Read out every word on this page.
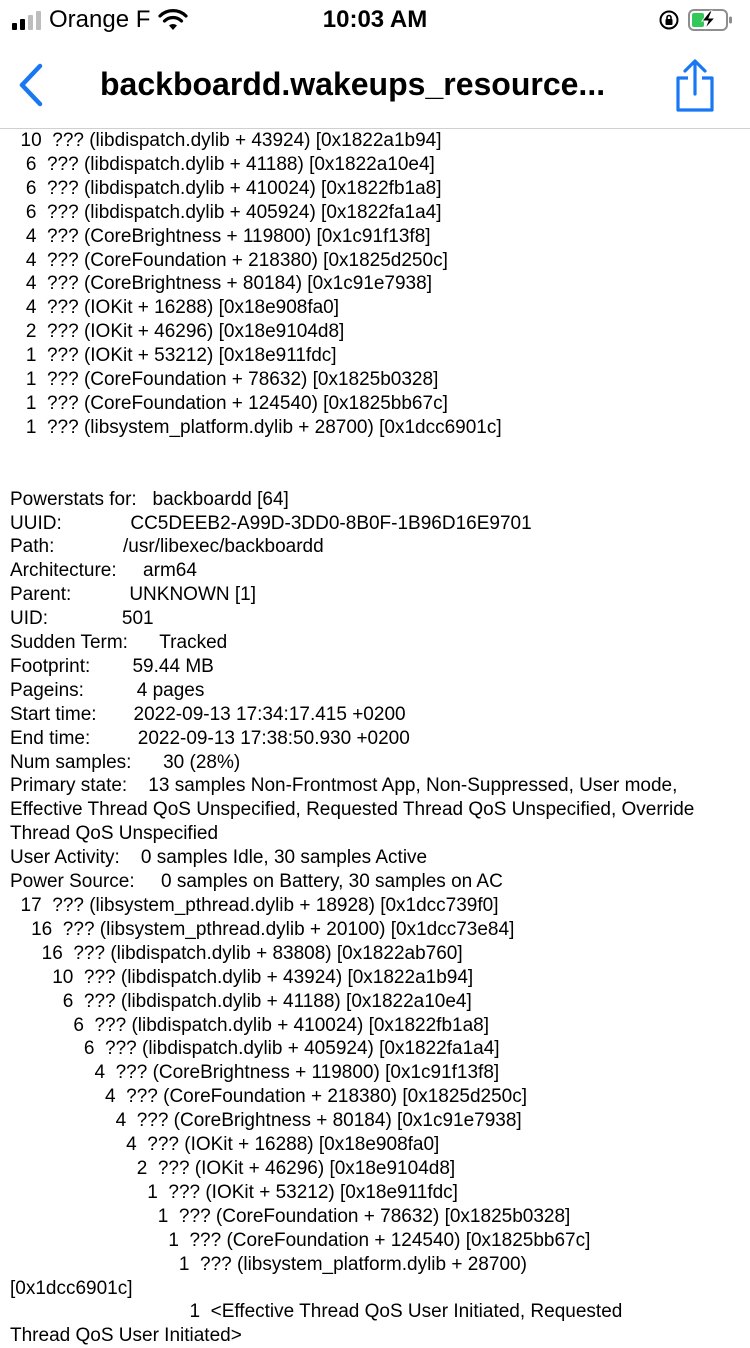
Orange F	10:03 AM
backboardd.wakeups_resource...
10  ??? (libdispatch.dylib + 43924) [0x1822a1b94]
6  ??? (libdispatch.dylib + 41188) [0x1822a10e4]
6  ??? (libdispatch.dylib + 410024) [0x1822fb1a8]
6  ??? (libdispatch.dylib + 405924) [0x1822fa1a4]
4  ??? (CoreBrightness + 119800) [0x1c91f13f8]
4  ??? (CoreFoundation + 218380) [0x1825d250c]
4  ??? (CoreBrightness + 80184) [0x1c91e7938]
4  ??? (IOKit + 16288) [0x18e908fa0]
2  ??? (IOKit + 46296) [0x18e9104d8]
1  ??? (IOKit + 53212) [0x18e911fdc]
1  ??? (CoreFoundation + 78632) [0x1825b0328]
1  ??? (CoreFoundation + 124540) [0x1825bb67c]
1  ??? (libsystem_platform.dylib + 28700) [0x1dcc6901c]
Powerstats for:   backboardd [64]
UUID:             CC5DEEB2-A99D-3DD0-8B0F-1B96D16E9701
Path:             /usr/libexec/backboardd
Architecture:     arm64
Parent:           UNKNOWN [1]
UID:              501
Sudden Term:      Tracked
Footprint:        59.44 MB
Pageins:          4 pages
Start time:       2022-09-13 17:34:17.415 +0200
End time:         2022-09-13 17:38:50.930 +0200
Num samples:      30 (28%)
Primary state:    13 samples Non-Frontmost App, Non-Suppressed, User mode, Effective Thread QoS Unspecified, Requested Thread QoS Unspecified, Override Thread QoS Unspecified
User Activity:    0 samples Idle, 30 samples Active
Power Source:     0 samples on Battery, 30 samples on AC
17  ??? (libsystem_pthread.dylib + 18928) [0x1dcc739f0]
16  ??? (libsystem_pthread.dylib + 20100) [0x1dcc73e84]
16  ??? (libdispatch.dylib + 83808) [0x1822ab760]
10  ??? (libdispatch.dylib + 43924) [0x1822a1b94]
6  ??? (libdispatch.dylib + 41188) [0x1822a10e4]
6  ??? (libdispatch.dylib + 410024) [0x1822fb1a8]
6  ??? (libdispatch.dylib + 405924) [0x1822fa1a4]
4  ??? (CoreBrightness + 119800) [0x1c91f13f8]
4  ??? (CoreFoundation + 218380) [0x1825d250c]
4  ??? (CoreBrightness + 80184) [0x1c91e7938]
4  ??? (IOKit + 16288) [0x18e908fa0]
2  ??? (IOKit + 46296) [0x18e9104d8]
1  ??? (IOKit + 53212) [0x18e911fdc]
1  ??? (CoreFoundation + 78632) [0x1825b0328]
1  ??? (CoreFoundation + 124540) [0x1825bb67c]
1  ??? (libsystem_platform.dylib + 28700)
[0x1dcc6901c]
1  <Effective Thread QoS User Initiated, Requested
Thread QoS User Initiated>
